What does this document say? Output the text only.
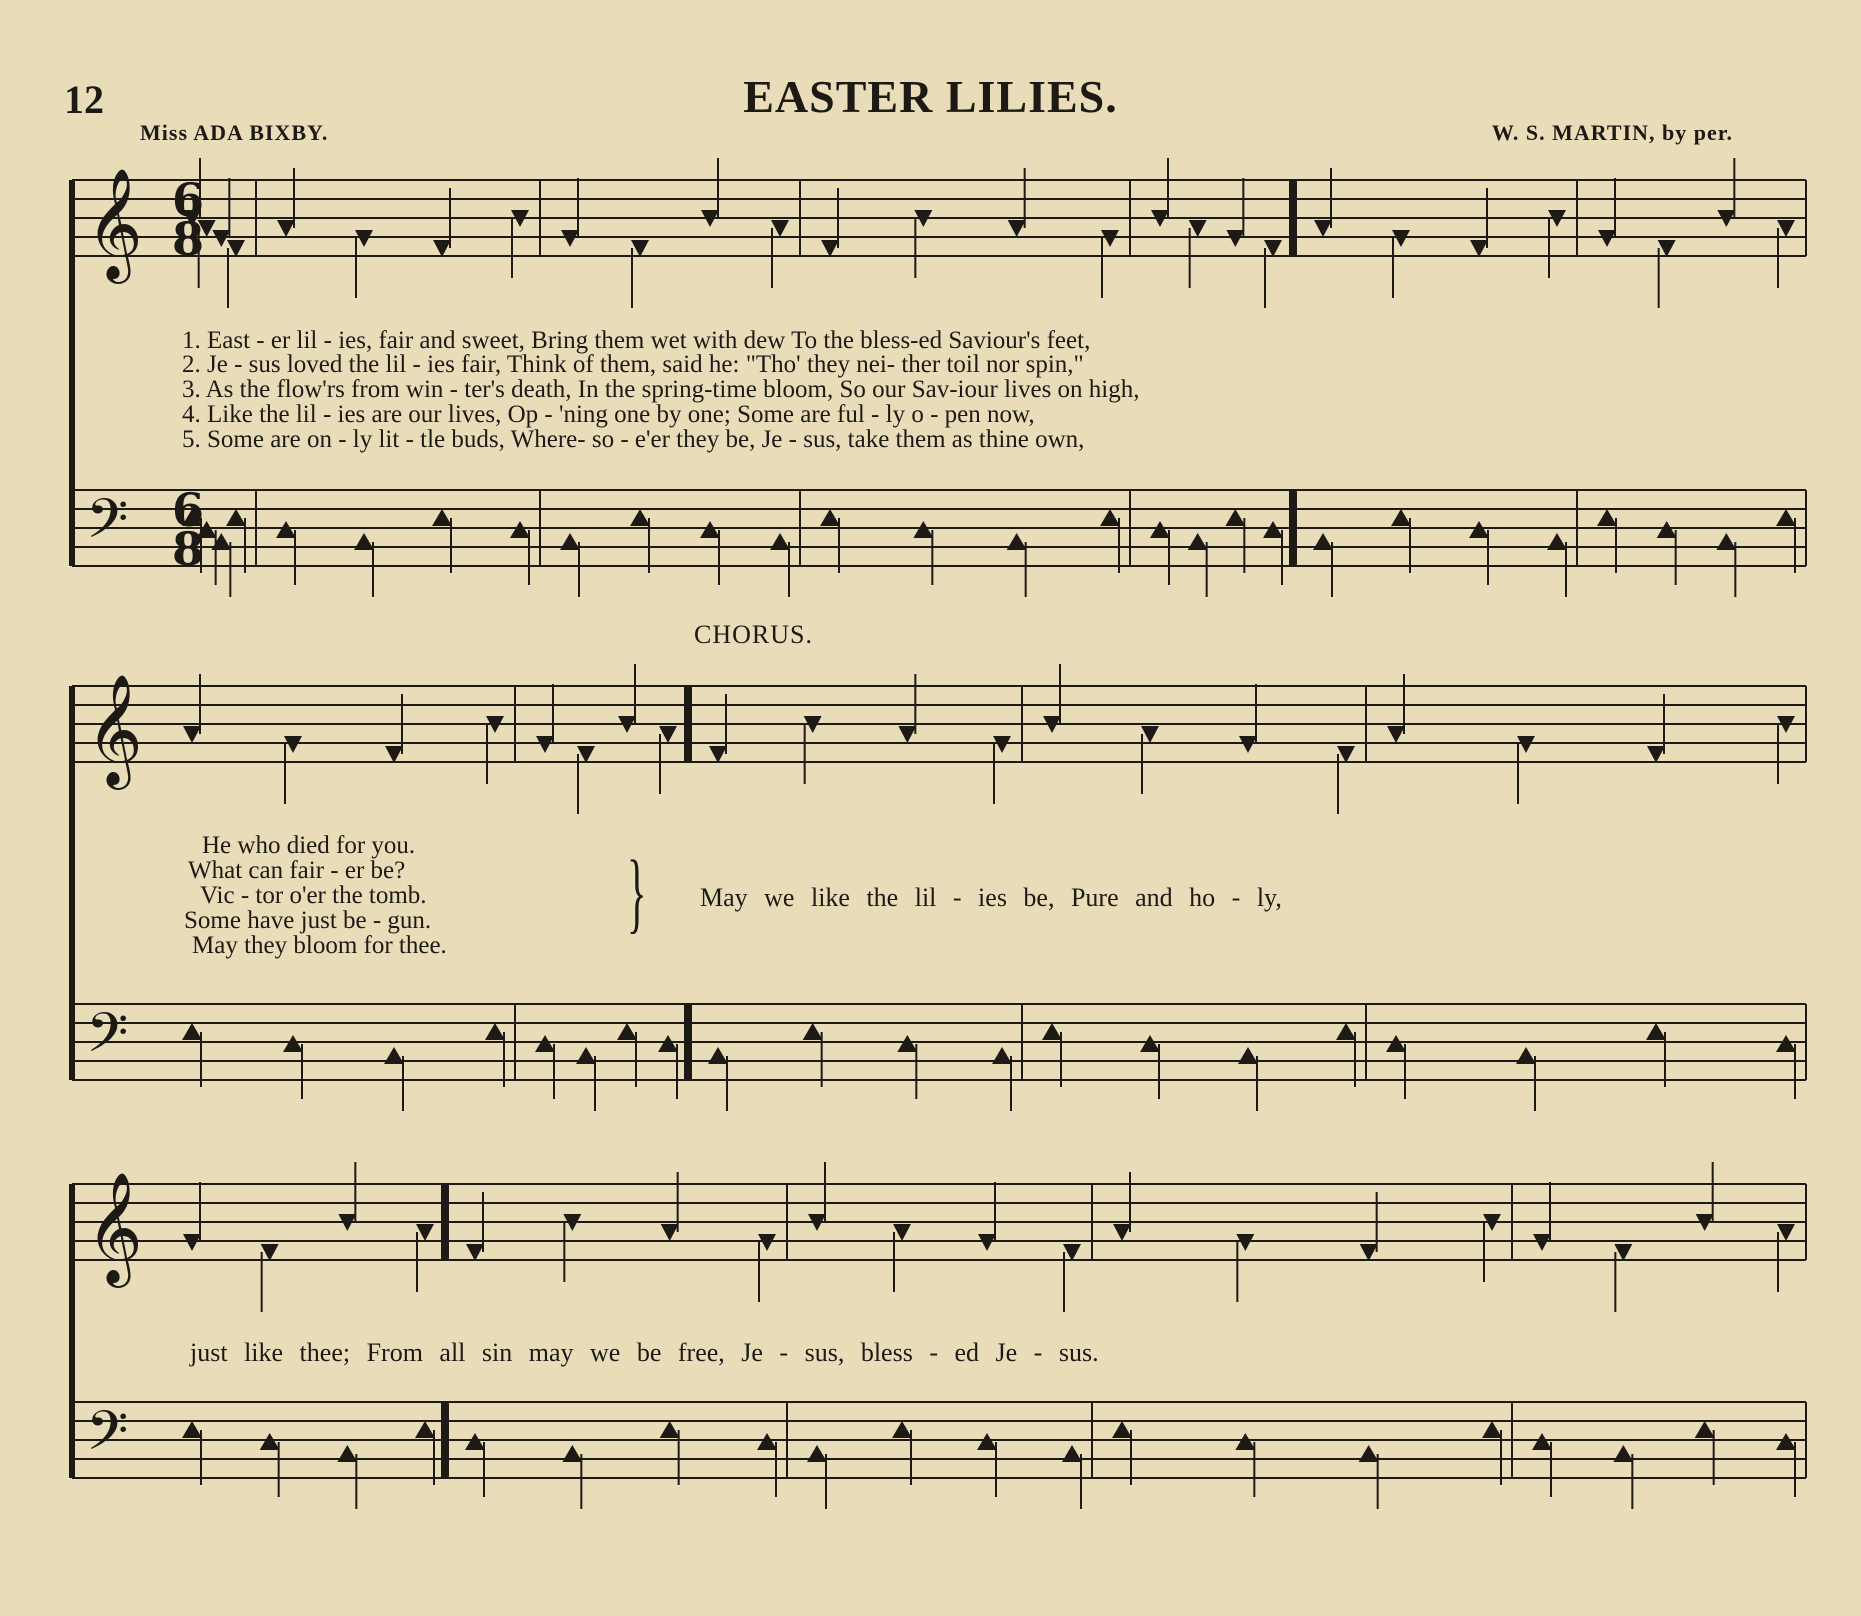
𝄞
𝄢
𝄞
𝄢
𝄞
𝄢
6
8
6
8
12	EASTER LILIES.
Miss ADA BIXBY.	W. S. MARTIN, by per.
1. East - er lil - ies, fair and sweet, Bring them wet with dew To the bless-ed Saviour's feet,
2. Je - sus loved the lil - ies fair, Think of them, said he: "Tho' they nei- ther toil nor spin,"
3. As the flow'rs from win - ter's death, In the spring-time bloom, So our Sav-iour lives on high,
4. Like the lil - ies are our lives, Op - 'ning one by one; Some are ful - ly o - pen now,
5. Some are on - ly lit - tle buds, Where- so - e'er they be, Je - sus, take them as thine own,
CHORUS.
He who died for you.
What can fair - er be?
Vic - tor o'er the tomb.
Some have just be - gun.
May they bloom for thee.
} May we like the lil - ies be, Pure and ho - ly,
just like thee; From all sin may we be free, Je - sus, bless - ed Je - sus.
